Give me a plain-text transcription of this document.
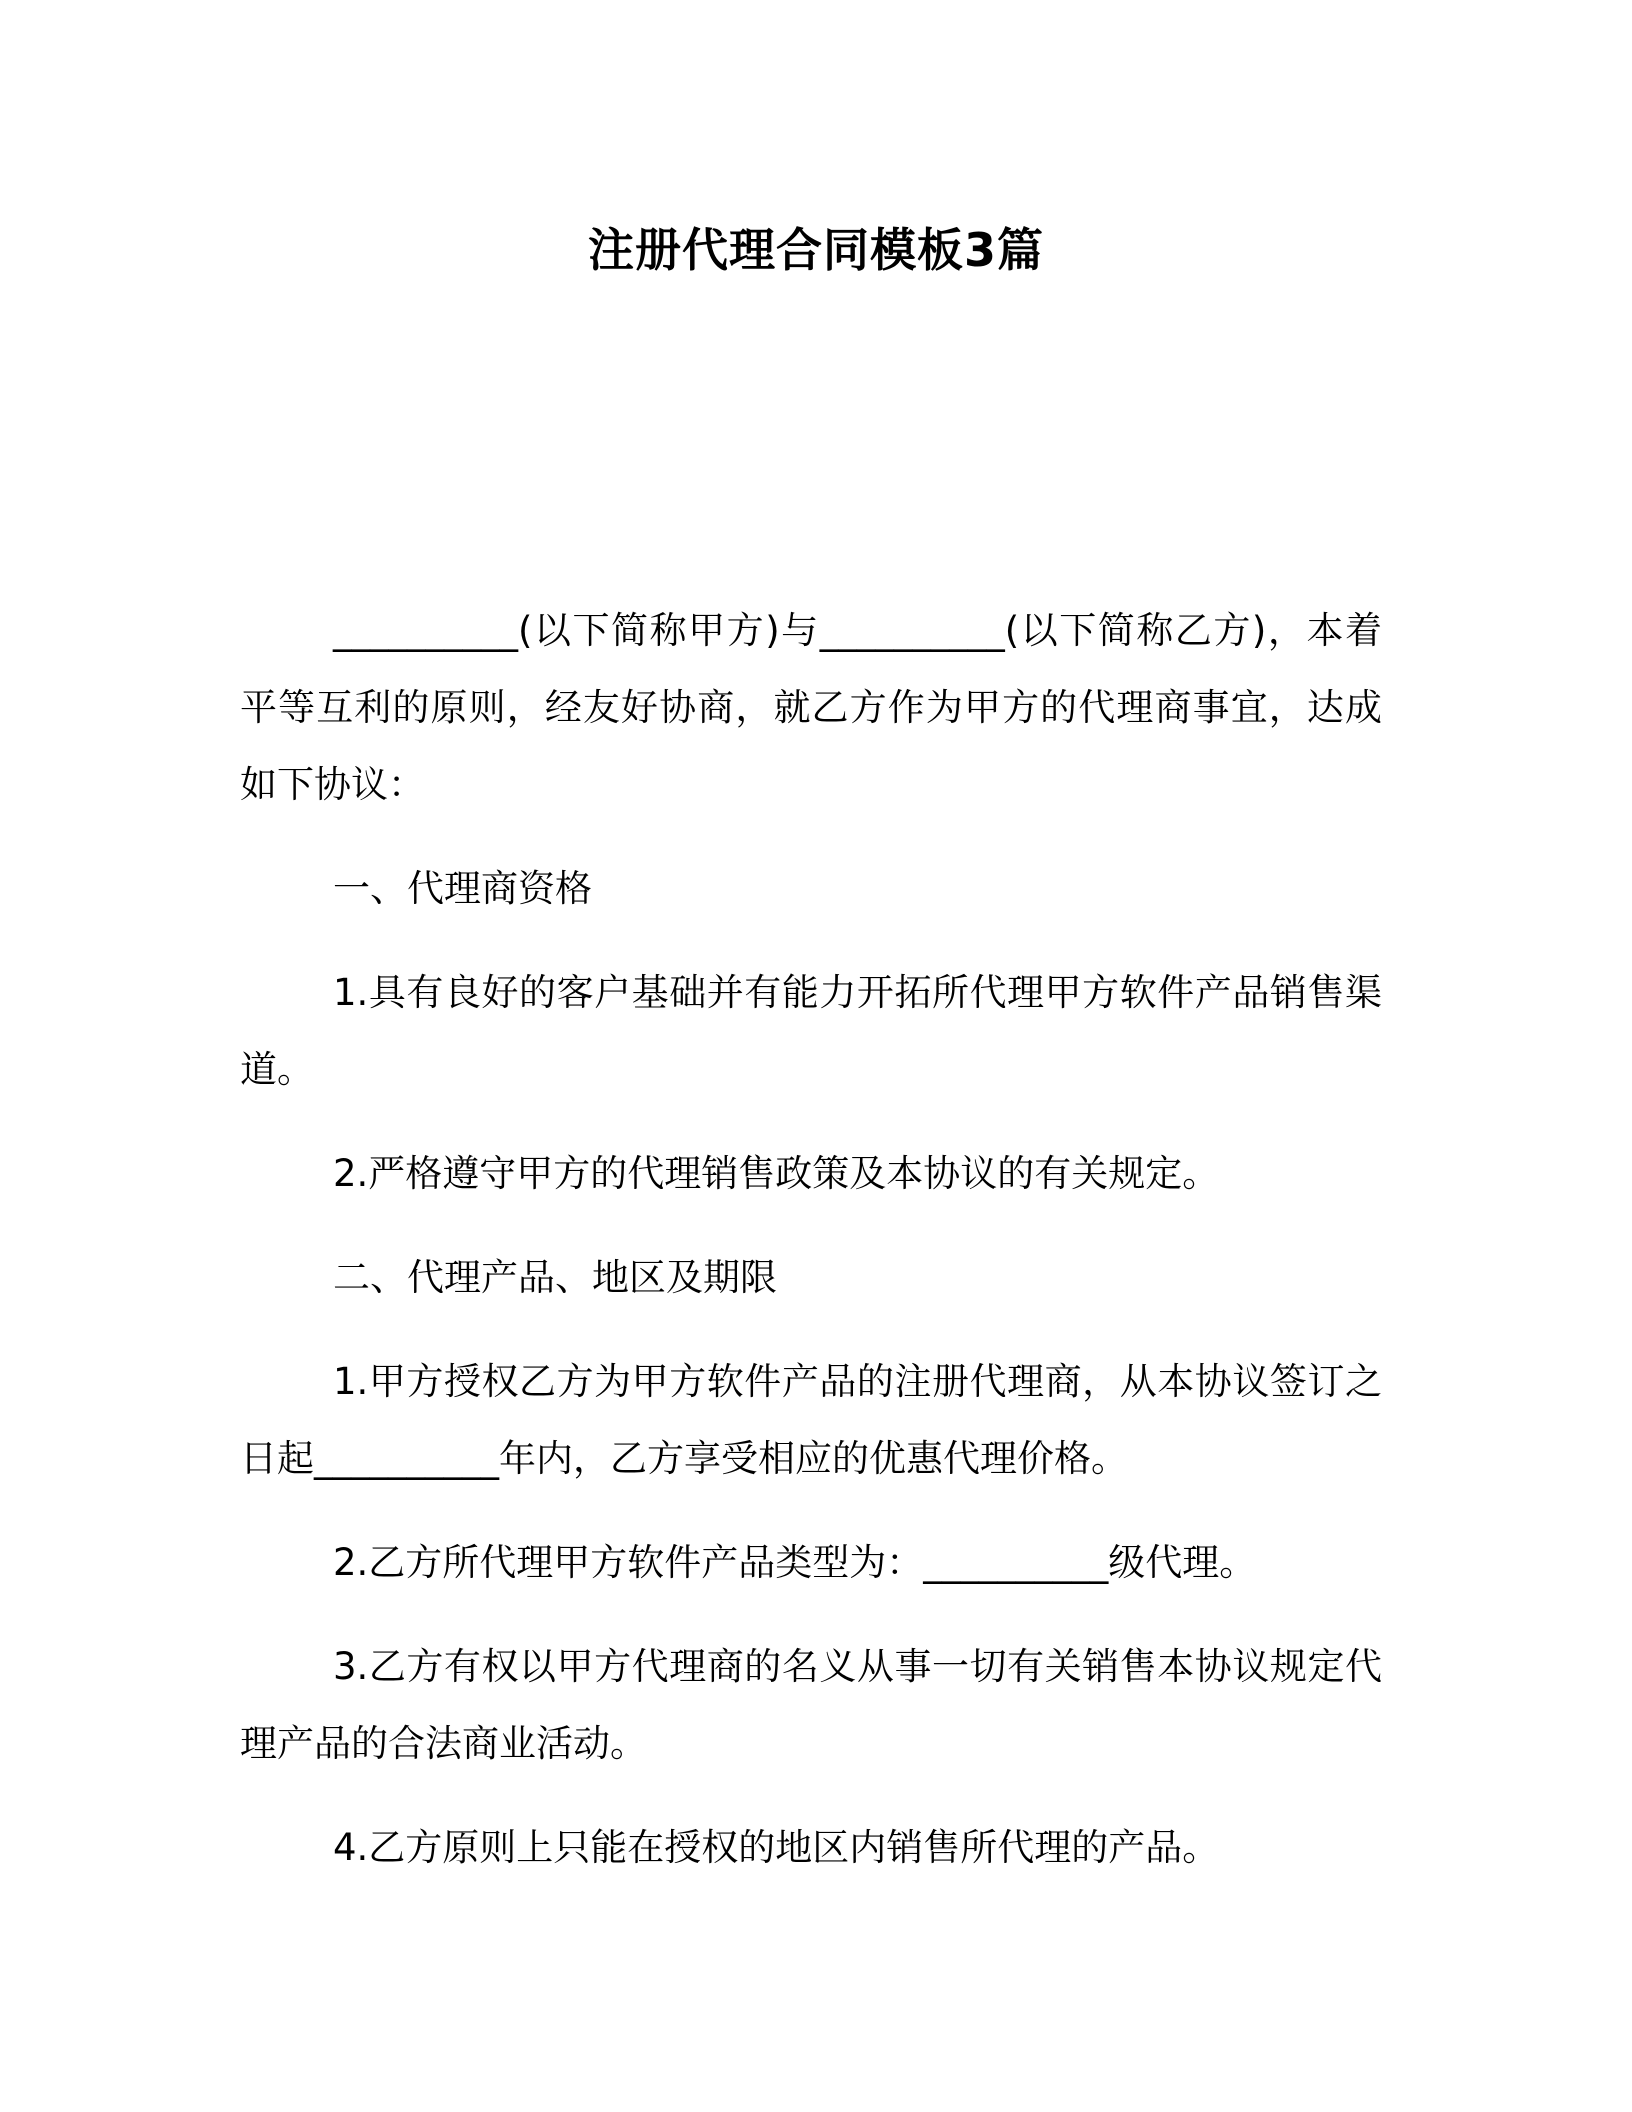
注册代理合同模板3篇

__________(以下简称甲方)与__________(以下简称乙方)，本着平等互利的原则，经友好协商，就乙方作为甲方的代理商事宜，达成如下协议：

一、代理商资格

1.具有良好的客户基础并有能力开拓所代理甲方软件产品销售渠道。

2.严格遵守甲方的代理销售政策及本协议的有关规定。

二、代理产品、地区及期限

1.甲方授权乙方为甲方软件产品的注册代理商，从本协议签订之日起__________年内，乙方享受相应的优惠代理价格。

2.乙方所代理甲方软件产品类型为：__________级代理。

3.乙方有权以甲方代理商的名义从事一切有关销售本协议规定代理产品的合法商业活动。

4.乙方原则上只能在授权的地区内销售所代理的产品。
